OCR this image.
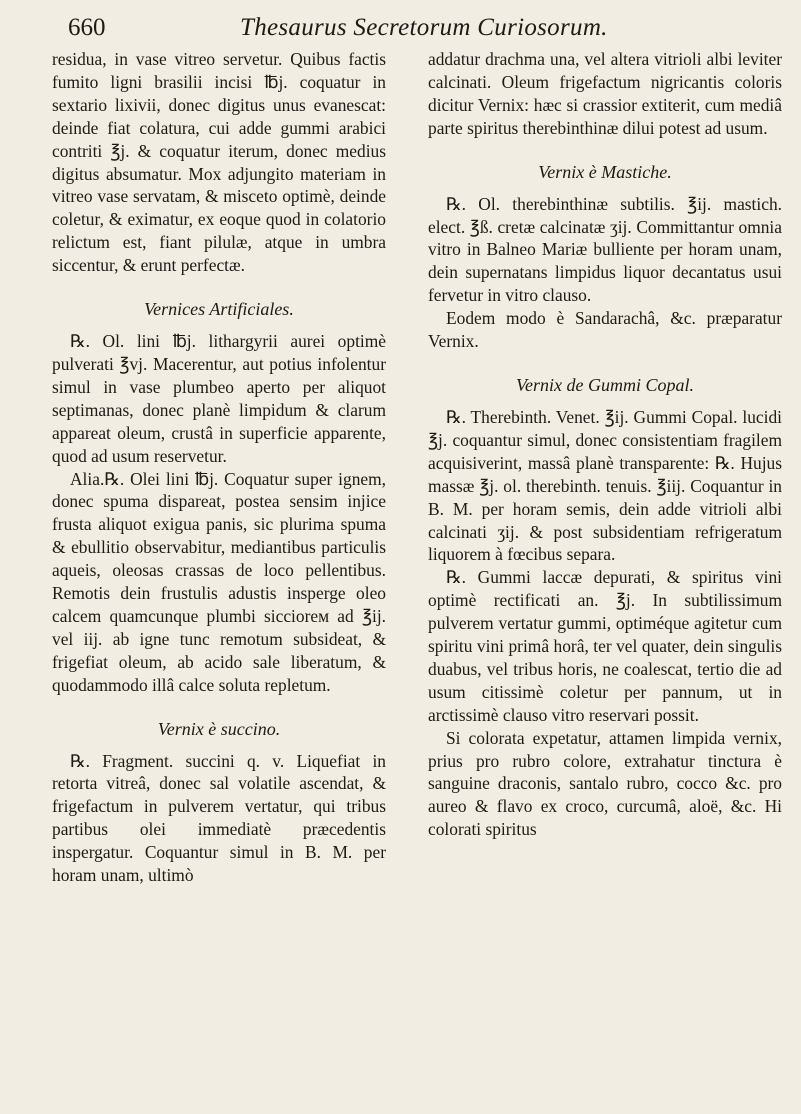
660	Thesaurus Secretorum Curiosorum.

residua, in vase vitreo servetur. Quibus factis fumito ligni brasilii incisi ℔j. coquatur in sextario lixivii, donec digitus unus evanescat: deinde fiat colatura, cui adde gummi arabici contriti ℥j. & coquatur iterum, donec medius digitus absumatur. Mox adjungito materiam in vitreo vase servatam, & misceto optimè, deinde coletur, & eximatur, ex eoque quod in colatorio relictum est, fiant pilulæ, atque in umbra siccentur, & erunt perfectæ.

Vernices Artificiales.

℞. Ol. lini ℔j. lithargyrii aurei optimè pulverati ℥vj. Macerentur, aut potius infolentur simul in vase plumbeo aperto per aliquot septimanas, donec planè limpidum & clarum appareat oleum, crustâ in superficie apparente, quod ad usum reservetur.

Alia.℞. Olei lini ℔j. Coquatur super ignem, donec spuma dispareat, postea sensim injice frusta aliquot exigua panis, sic plurima spuma & ebullitio observabitur, mediantibus particulis aqueis, oleosas crassas de loco pellentibus. Remotis dein frustulis adustis insperge oleo calcem quamcunque plumbi siccioreм ad ℥ij. vel iij. ab igne tunc remotum subsideat, & frigefiat oleum, ab acido sale liberatum, & quodammodo illâ calce soluta repletum.

Vernix è succino.

℞. Fragment. succini q. v. Liquefiat in retorta vitreâ, donec sal volatile ascendat, & frigefactum in pulverem vertatur, qui tribus partibus olei immediatè præcedentis inspergatur. Coquantur simul in B. M. per horam unam, ultimò

addatur drachma una, vel altera vitrioli albi leviter calcinati. Oleum frigefactum nigricantis coloris dicitur Vernix: hæc si crassior extiterit, cum mediâ parte spiritus therebinthinæ dilui potest ad usum.

Vernix è Mastiche.

℞. Ol. therebinthinæ subtilis. ℥ij. mastich. elect. ℥ß. cretæ calcinatæ ʒij. Committantur omnia vitro in Balneo Mariæ bulliente per horam unam, dein supernatans limpidus liquor decantatus usui fervetur in vitro clauso.

Eodem modo è Sandarachâ, &c. præparatur Vernix.

Vernix de Gummi Copal.

℞. Therebinth. Venet. ℥ij. Gummi Copal. lucidi ℥j. coquantur simul, donec consistentiam fragilem acquisiverint, massâ planè transparente: ℞. Hujus massæ ℥j. ol. therebinth. tenuis. ℥iij. Coquantur in B. M. per horam semis, dein adde vitrioli albi calcinati ʒij. & post subsidentiam refrigeratum liquorem à fœcibus separa.

℞. Gummi laccæ depurati, & spiritus vini optimè rectificati an. ℥j. In subtilissimum pulverem vertatur gummi, optiméque agitetur cum spiritu vini primâ horâ, ter vel quater, dein singulis duabus, vel tribus horis, ne coalescat, tertio die ad usum citissimè coletur per pannum, ut in arctissimè clauso vitro reservari possit.

Si colorata expetatur, attamen limpida vernix, prius pro rubro colore, extrahatur tinctura è sanguine draconis, santalo rubro, cocco &c. pro aureo & flavo ex croco, curcumâ, aloë, &c. Hi colorati spiritus
